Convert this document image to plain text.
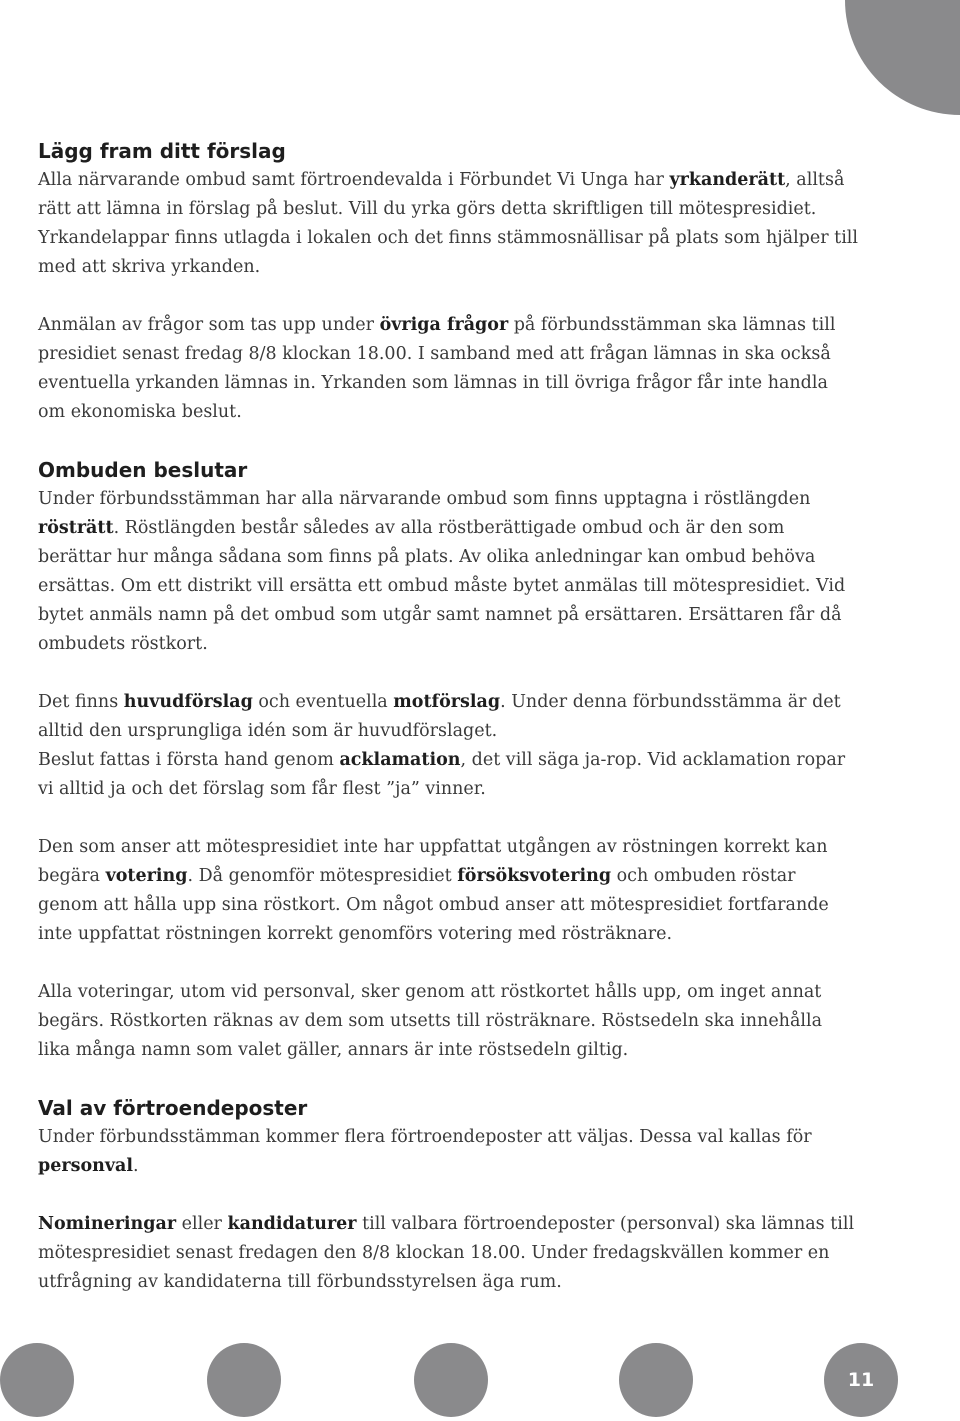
Lägg fram ditt förslag

Alla närvarande ombud samt förtroendevalda i Förbundet Vi Unga har yrkanderätt, alltså rätt att lämna in förslag på beslut. Vill du yrka görs detta skriftligen till mötespresidiet. Yrkandelappar finns utlagda i lokalen och det finns stämmosnällisar på plats som hjälper till med att skriva yrkanden.

Anmälan av frågor som tas upp under övriga frågor på förbundsstämman ska lämnas till presidiet senast fredag 8/8 klockan 18.00. I samband med att frågan lämnas in ska också eventuella yrkanden lämnas in. Yrkanden som lämnas in till övriga frågor får inte handla om ekonomiska beslut.

Ombuden beslutar

Under förbundsstämman har alla närvarande ombud som finns upptagna i röstlängden rösträtt. Röstlängden består således av alla röstberättigade ombud och är den som berättar hur många sådana som finns på plats. Av olika anledningar kan ombud behöva ersättas. Om ett distrikt vill ersätta ett ombud måste bytet anmälas till mötespresidiet. Vid bytet anmäls namn på det ombud som utgår samt namnet på ersättaren. Ersättaren får då ombudets röstkort.

Det finns huvudförslag och eventuella motförslag. Under denna förbundsstämma är det alltid den ursprungliga idén som är huvudförslaget.

Beslut fattas i första hand genom acklamation, det vill säga ja-rop. Vid acklamation ropar vi alltid ja och det förslag som får flest ”ja” vinner.

Den som anser att mötespresidiet inte har uppfattat utgången av röstningen korrekt kan begära votering. Då genomför mötespresidiet försöksvotering och ombuden röstar genom att hålla upp sina röstkort. Om något ombud anser att mötespresidiet fortfarande inte uppfattat röstningen korrekt genomförs votering med rösträknare.

Alla voteringar, utom vid personval, sker genom att röstkortet hålls upp, om inget annat begärs. Röstkorten räknas av dem som utsetts till rösträknare. Röstsedeln ska innehålla lika många namn som valet gäller, annars är inte röstsedeln giltig.

Val av förtroendeposter

Under förbundsstämman kommer flera förtroendeposter att väljas. Dessa val kallas för personval.

Nomineringar eller kandidaturer till valbara förtroendeposter (personval) ska lämnas till mötespresidiet senast fredagen den 8/8 klockan 18.00. Under fredagskvällen kommer en utfrågning av kandidaterna till förbundsstyrelsen äga rum.

11
